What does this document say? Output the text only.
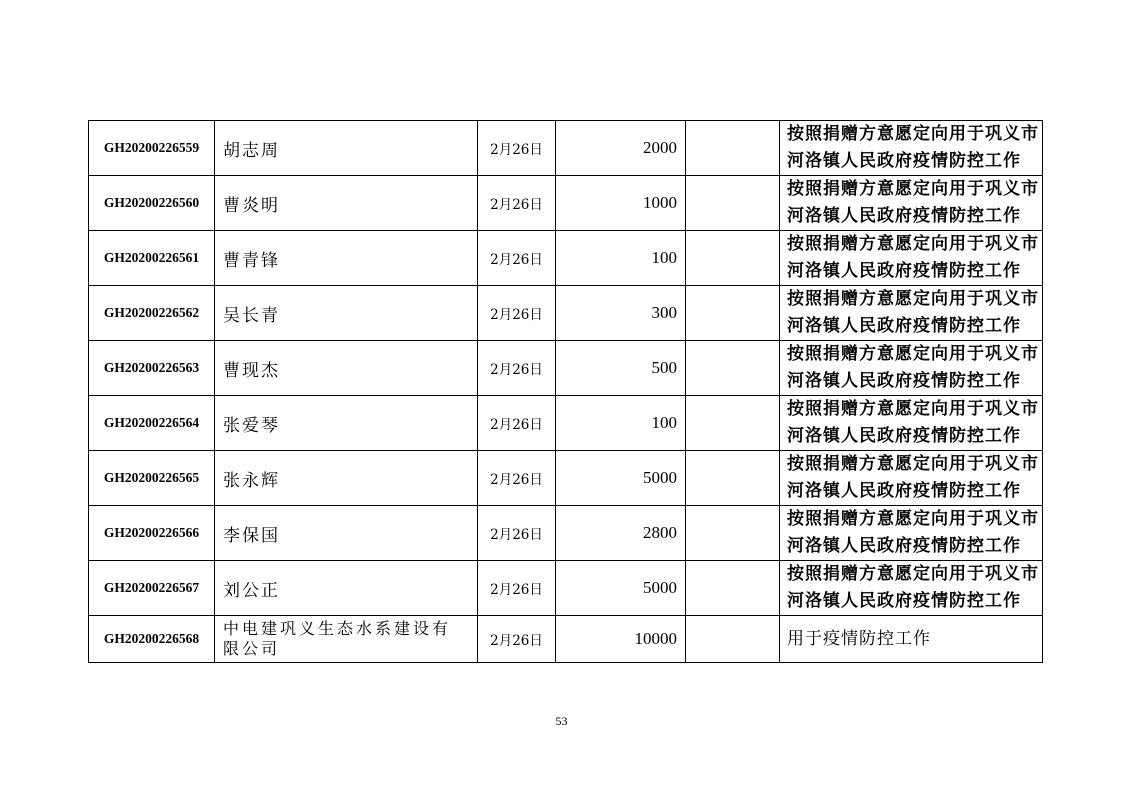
GH20200226559	胡志周	2月26日	2000		按照捐赠方意愿定向用于巩义市
河洛镇人民政府疫情防控工作

GH20200226560	曹炎明	2月26日	1000		按照捐赠方意愿定向用于巩义市
河洛镇人民政府疫情防控工作

GH20200226561	曹青锋	2月26日	100		按照捐赠方意愿定向用于巩义市
河洛镇人民政府疫情防控工作

GH20200226562	吴长青	2月26日	300		按照捐赠方意愿定向用于巩义市
河洛镇人民政府疫情防控工作

GH20200226563	曹现杰	2月26日	500		按照捐赠方意愿定向用于巩义市
河洛镇人民政府疫情防控工作

GH20200226564	张爱琴	2月26日	100		按照捐赠方意愿定向用于巩义市
河洛镇人民政府疫情防控工作

GH20200226565	张永辉	2月26日	5000		按照捐赠方意愿定向用于巩义市
河洛镇人民政府疫情防控工作

GH20200226566	李保国	2月26日	2800		按照捐赠方意愿定向用于巩义市
河洛镇人民政府疫情防控工作

GH20200226567	刘公正	2月26日	5000		按照捐赠方意愿定向用于巩义市
河洛镇人民政府疫情防控工作

GH20200226568	中电建巩义生态水系建设有
限公司	2月26日	10000		用于疫情防控工作
53
